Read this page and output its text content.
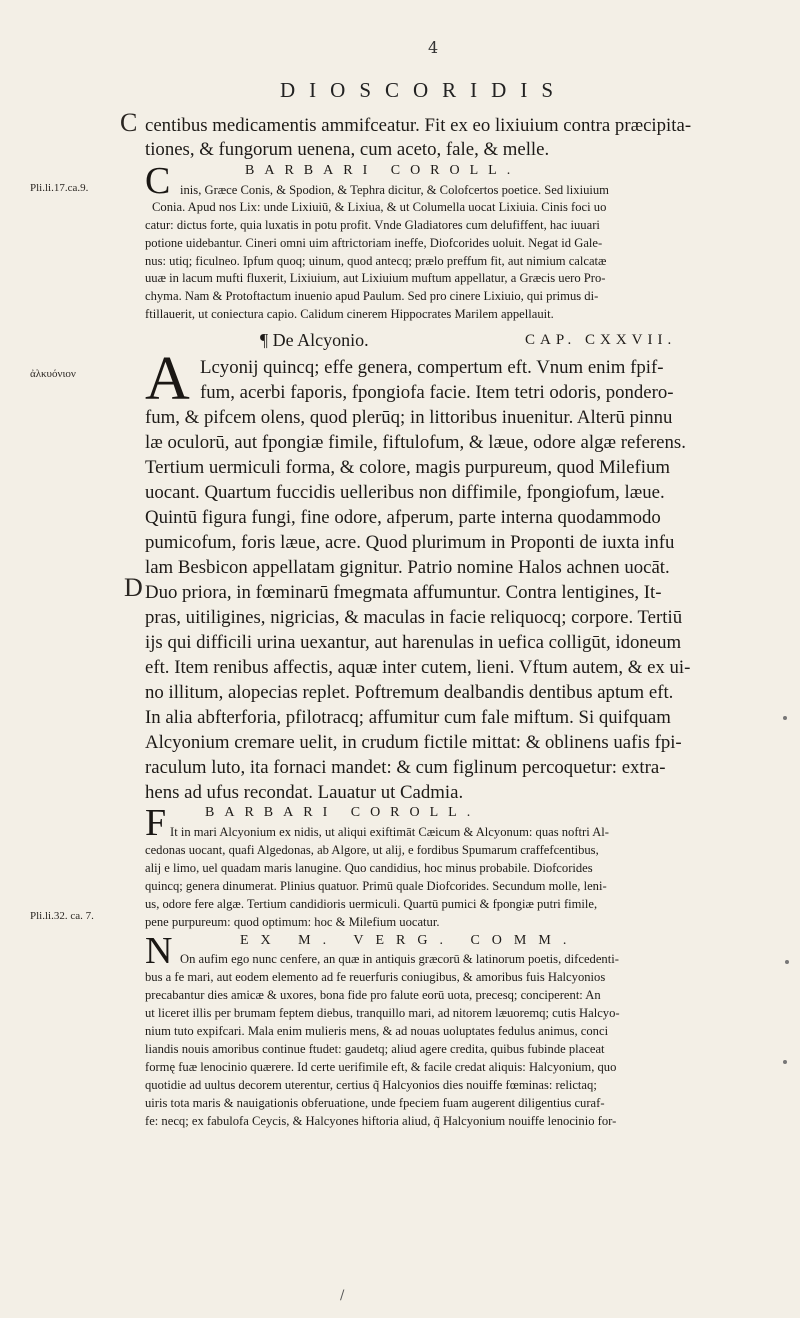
4
DIOSCORIDIS
C
Pli.li.17.ca.9.
ἀλκυόνιον
D
Pli.li.32. ca. 7.
centibus medicamentis ammifceatur. Fit ex eo lixiuium contra præcipita-
tiones, & fungorum uenena, cum aceto, fale, & melle.
C	BARBARI COROLL.
inis, Græce Conis, & Spodion, & Tephra dicitur, & Colofcertos poetice. Sed lixiuium
Conia. Apud nos Lix: unde Lixiuiū, & Lixiua, & ut Columella uocat Lixiuia. Cinis foci uo
catur: dictus forte, quia luxatis in potu profit. Vnde Gladiatores cum delufiffent, hac iuuari
potione uidebantur. Cineri omni uim aftrictoriam ineffe, Diofcorides uoluit. Negat id Gale-
nus: utiq; ficulneo. Ipfum quoq; uinum, quod antecq; prælo preffum fit, aut nimium calcatæ
uuæ in lacum mufti fluxerit, Lixiuium, aut Lixiuium muftum appellatur, a Græcis uero Pro-
chyma. Nam & Protoftactum inuenio apud Paulum. Sed pro cinere Lixiuio, qui primus di-
ftillauerit, ut coniectura capio. Calidum cinerem Hippocrates Marilem appellauit.
¶ De Alcyonio.	CAP. CXXVII.
A Lcyonij quincq; effe genera, compertum eft. Vnum enim fpif-
fum, acerbi faporis, fpongiofa facie. Item tetri odoris, pondero-
fum, & pifcem olens, quod plerūq; in littoribus inuenitur. Alterū pinnu
læ oculorū, aut fpongiæ fimile, fiftulofum, & læue, odore algæ referens.
Tertium uermiculi forma, & colore, magis purpureum, quod Milefium
uocant. Quartum fuccidis uelleribus non diffimile, fpongiofum, læue.
Quintū figura fungi, fine odore, afperum, parte interna quodammodo
pumicofum, foris læue, acre. Quod plurimum in Proponti de iuxta infu
lam Besbicon appellatam gignitur. Patrio nomine Halos achnen uocāt.
Duo priora, in fœminarū fmegmata affumuntur. Contra lentigines, It-
pras, uitiligines, nigricias, & maculas in facie reliquocq; corpore. Tertiū
ijs qui difficili urina uexantur, aut harenulas in uefica colligūt, idoneum
eft. Item renibus affectis, aquæ inter cutem, lieni. Vftum autem, & ex ui-
no illitum, alopecias replet. Poftremum dealbandis dentibus aptum eft.
In alia abfterforia, pfilotracq; affumitur cum fale miftum. Si quifquam
Alcyonium cremare uelit, in crudum fictile mittat: & oblinens uafis fpi-
raculum luto, ita fornaci mandet: & cum figlinum percoquetur: extra-
hens ad ufus recondat. Lauatur ut Cadmia.
F	BARBARI COROLL.
It in mari Alcyonium ex nidis, ut aliqui exiftimāt Cæicum & Alcyonum: quas noftri Al-
cedonas uocant, quafi Algedonas, ab Algore, ut alij, e fordibus Spumarum craffefcentibus,
alij e limo, uel quadam maris lanugine. Quo candidius, hoc minus probabile. Diofcorides
quincq; genera dinumerat. Plinius quatuor. Primū quale Diofcorides. Secundum molle, leni-
us, odore fere algæ. Tertium candidioris uermiculi. Quartū pumici & fpongiæ putri fimile,
pene purpureum: quod optimum: hoc & Milefium uocatur.
N	EX M. VERG. COMM.
On aufim ego nunc cenfere, an quæ in antiquis græcorū & latinorum poetis, difcedenti-
bus a fe mari, aut eodem elemento ad fe reuerfuris coniugibus, & amoribus fuis Halcyonios
precabantur dies amicæ & uxores, bona fide pro falute eorū uota, precesq; conciperent: An
ut liceret illis per brumam feptem diebus, tranquillo mari, ad nitorem læuoremq; cutis Halcyo-
nium tuto expifcari. Mala enim mulieris mens, & ad nouas uoluptates fedulus animus, conci
liandis nouis amoribus continue ftudet: gaudetq; aliud agere credita, quibus fubinde placeat
formę fuæ lenocinio quærere. Id certe uerifimile eft, & facile credat aliquis: Halcyonium, quo
quotidie ad uultus decorem uterentur, certius q̃ Halcyonios dies nouiffe fœminas: relictaq;
uiris tota maris & nauigationis obferuatione, unde fpeciem fuam augerent diligentius curaf-
fe: necq; ex fabulofa Ceycis, & Halcyones hiftoria aliud, q̃ Halcyonium nouiffe lenocinio for-
/
